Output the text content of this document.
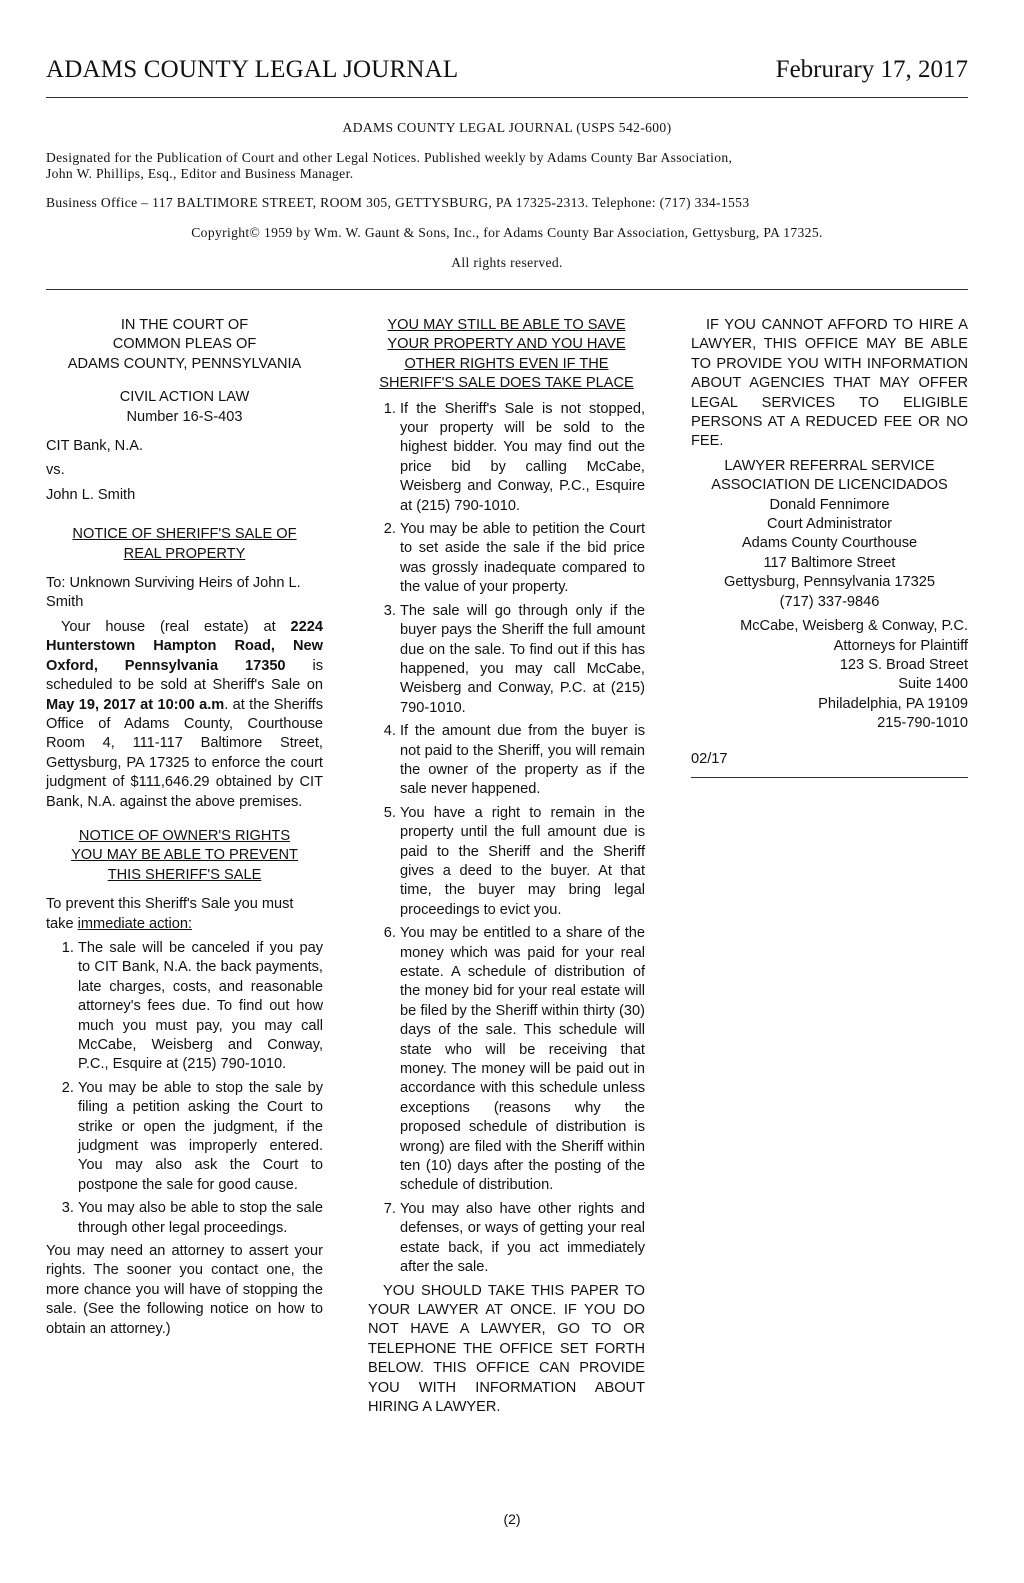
ADAMS COUNTY LEGAL JOURNAL	Februrary 17, 2017
ADAMS COUNTY LEGAL JOURNAL (USPS 542-600)
Designated for the Publication of Court and other Legal Notices. Published weekly by Adams County Bar Association,
John W. Phillips, Esq., Editor and Business Manager.
Business Office – 117 BALTIMORE STREET, ROOM 305, GETTYSBURG, PA 17325-2313. Telephone: (717) 334-1553
Copyright© 1959 by Wm. W. Gaunt & Sons, Inc., for Adams County Bar Association, Gettysburg, PA 17325.
All rights reserved.

IN THE COURT OF

COMMON PLEAS OF

ADAMS COUNTY, PENNSYLVANIA

CIVIL ACTION LAW

Number 16-S-403

CIT Bank, N.A.

vs.

John L. Smith

NOTICE OF SHERIFF'S SALE OF

REAL PROPERTY

To: Unknown Surviving Heirs of John L. Smith

Your house (real estate) at 2224 Hunterstown Hampton Road, New Oxford, Pennsylvania 17350 is scheduled to be sold at Sheriff's Sale on May 19, 2017 at 10:00 a.m. at the Sheriffs Office of Adams County, Courthouse Room 4, 111-117 Baltimore Street, Gettysburg, PA 17325 to enforce the court judgment of $111,646.29 obtained by CIT Bank, N.A. against the above premises.

NOTICE OF OWNER'S RIGHTS

YOU MAY BE ABLE TO PREVENT

THIS SHERIFF'S SALE

To prevent this Sheriff's Sale you must take immediate action:

1. The sale will be canceled if you pay to CIT Bank, N.A. the back payments, late charges, costs, and reasonable attorney's fees due. To find out how much you must pay, you may call McCabe, Weisberg and Conway, P.C., Esquire at (215) 790-1010.
2. You may be able to stop the sale by filing a petition asking the Court to strike or open the judgment, if the judgment was improperly entered. You may also ask the Court to postpone the sale for good cause.
3. You may also be able to stop the sale through other legal proceedings.

You may need an attorney to assert your rights. The sooner you contact one, the more chance you will have of stopping the sale. (See the following notice on how to obtain an attorney.)

YOU MAY STILL BE ABLE TO SAVE

YOUR PROPERTY AND YOU HAVE

OTHER RIGHTS EVEN IF THE

SHERIFF'S SALE DOES TAKE PLACE

1. If the Sheriff's Sale is not stopped, your property will be sold to the highest bidder. You may find out the price bid by calling McCabe, Weisberg and Conway, P.C., Esquire at (215) 790-1010.
2. You may be able to petition the Court to set aside the sale if the bid price was grossly inadequate compared to the value of your property.
3. The sale will go through only if the buyer pays the Sheriff the full amount due on the sale. To find out if this has happened, you may call McCabe, Weisberg and Conway, P.C. at (215) 790-1010.
4. If the amount due from the buyer is not paid to the Sheriff, you will remain the owner of the property as if the sale never happened.
5. You have a right to remain in the property until the full amount due is paid to the Sheriff and the Sheriff gives a deed to the buyer. At that time, the buyer may bring legal proceedings to evict you.
6. You may be entitled to a share of the money which was paid for your real estate. A schedule of distribution of the money bid for your real estate will be filed by the Sheriff within thirty (30) days of the sale. This schedule will state who will be receiving that money. The money will be paid out in accordance with this schedule unless exceptions (reasons why the proposed schedule of distribution is wrong) are filed with the Sheriff within ten (10) days after the posting of the schedule of distribution.
7. You may also have other rights and defenses, or ways of getting your real estate back, if you act immediately after the sale.

YOU SHOULD TAKE THIS PAPER TO YOUR LAWYER AT ONCE. IF YOU DO NOT HAVE A LAWYER, GO TO OR TELEPHONE THE OFFICE SET FORTH BELOW. THIS OFFICE CAN PROVIDE YOU WITH INFORMATION ABOUT HIRING A LAWYER.

IF YOU CANNOT AFFORD TO HIRE A LAWYER, THIS OFFICE MAY BE ABLE TO PROVIDE YOU WITH INFORMATION ABOUT AGENCIES THAT MAY OFFER LEGAL SERVICES TO ELIGIBLE PERSONS AT A REDUCED FEE OR NO FEE.

LAWYER REFERRAL SERVICE

ASSOCIATION DE LICENCIDADOS

Donald Fennimore

Court Administrator

Adams County Courthouse

117 Baltimore Street

Gettysburg, Pennsylvania 17325

(717) 337-9846

McCabe, Weisberg & Conway, P.C.

Attorneys for Plaintiff

123 S. Broad Street

Suite 1400

Philadelphia, PA 19109

215-790-1010

02/17

(2)
